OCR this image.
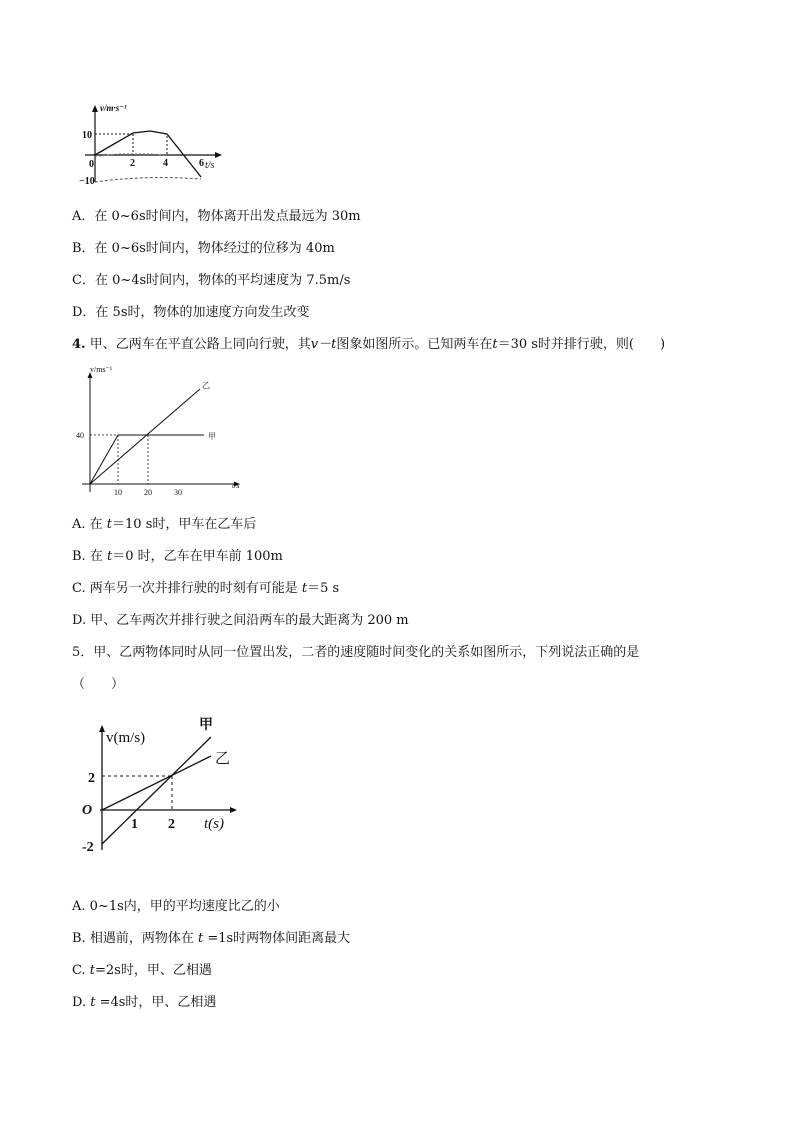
v/m·s⁻¹
t/s
10
−10
0	2	4	6
A．在 0~6s时间内，物体离开出发点最远为 30m
B．在 0~6s时间内，物体经过的位移为 40m
C．在 0~4s时间内，物体的平均速度为 7.5m/s
D．在 5s时，物体的加速度方向发生改变
4. 甲、乙两车在平直公路上同向行驶，其v－t图象如图所示。已知两车在t＝30 s时并排行驶，则(　　)
v/ms⁻¹
t/s
40
10	20	30
甲
乙
A. 在 t＝10 s时，甲车在乙车后
B. 在 t＝0 时，乙车在甲车前 100m
C. 两车另一次并排行驶的时刻有可能是 t＝5 s
D. 甲、乙车两次并排行驶之间沿两车的最大距离为 200 m
5．甲、乙两物体同时从同一位置出发，二者的速度随时间变化的关系如图所示，下列说法正确的是
（　　）
v(m/s)
t(s)
O
2
-2
1 2
甲
乙
A. 0~1s内，甲的平均速度比乙的小
B. 相遇前，两物体在 t =1s时两物体间距离最大
C. t=2s时，甲、乙相遇
D. t =4s时，甲、乙相遇
